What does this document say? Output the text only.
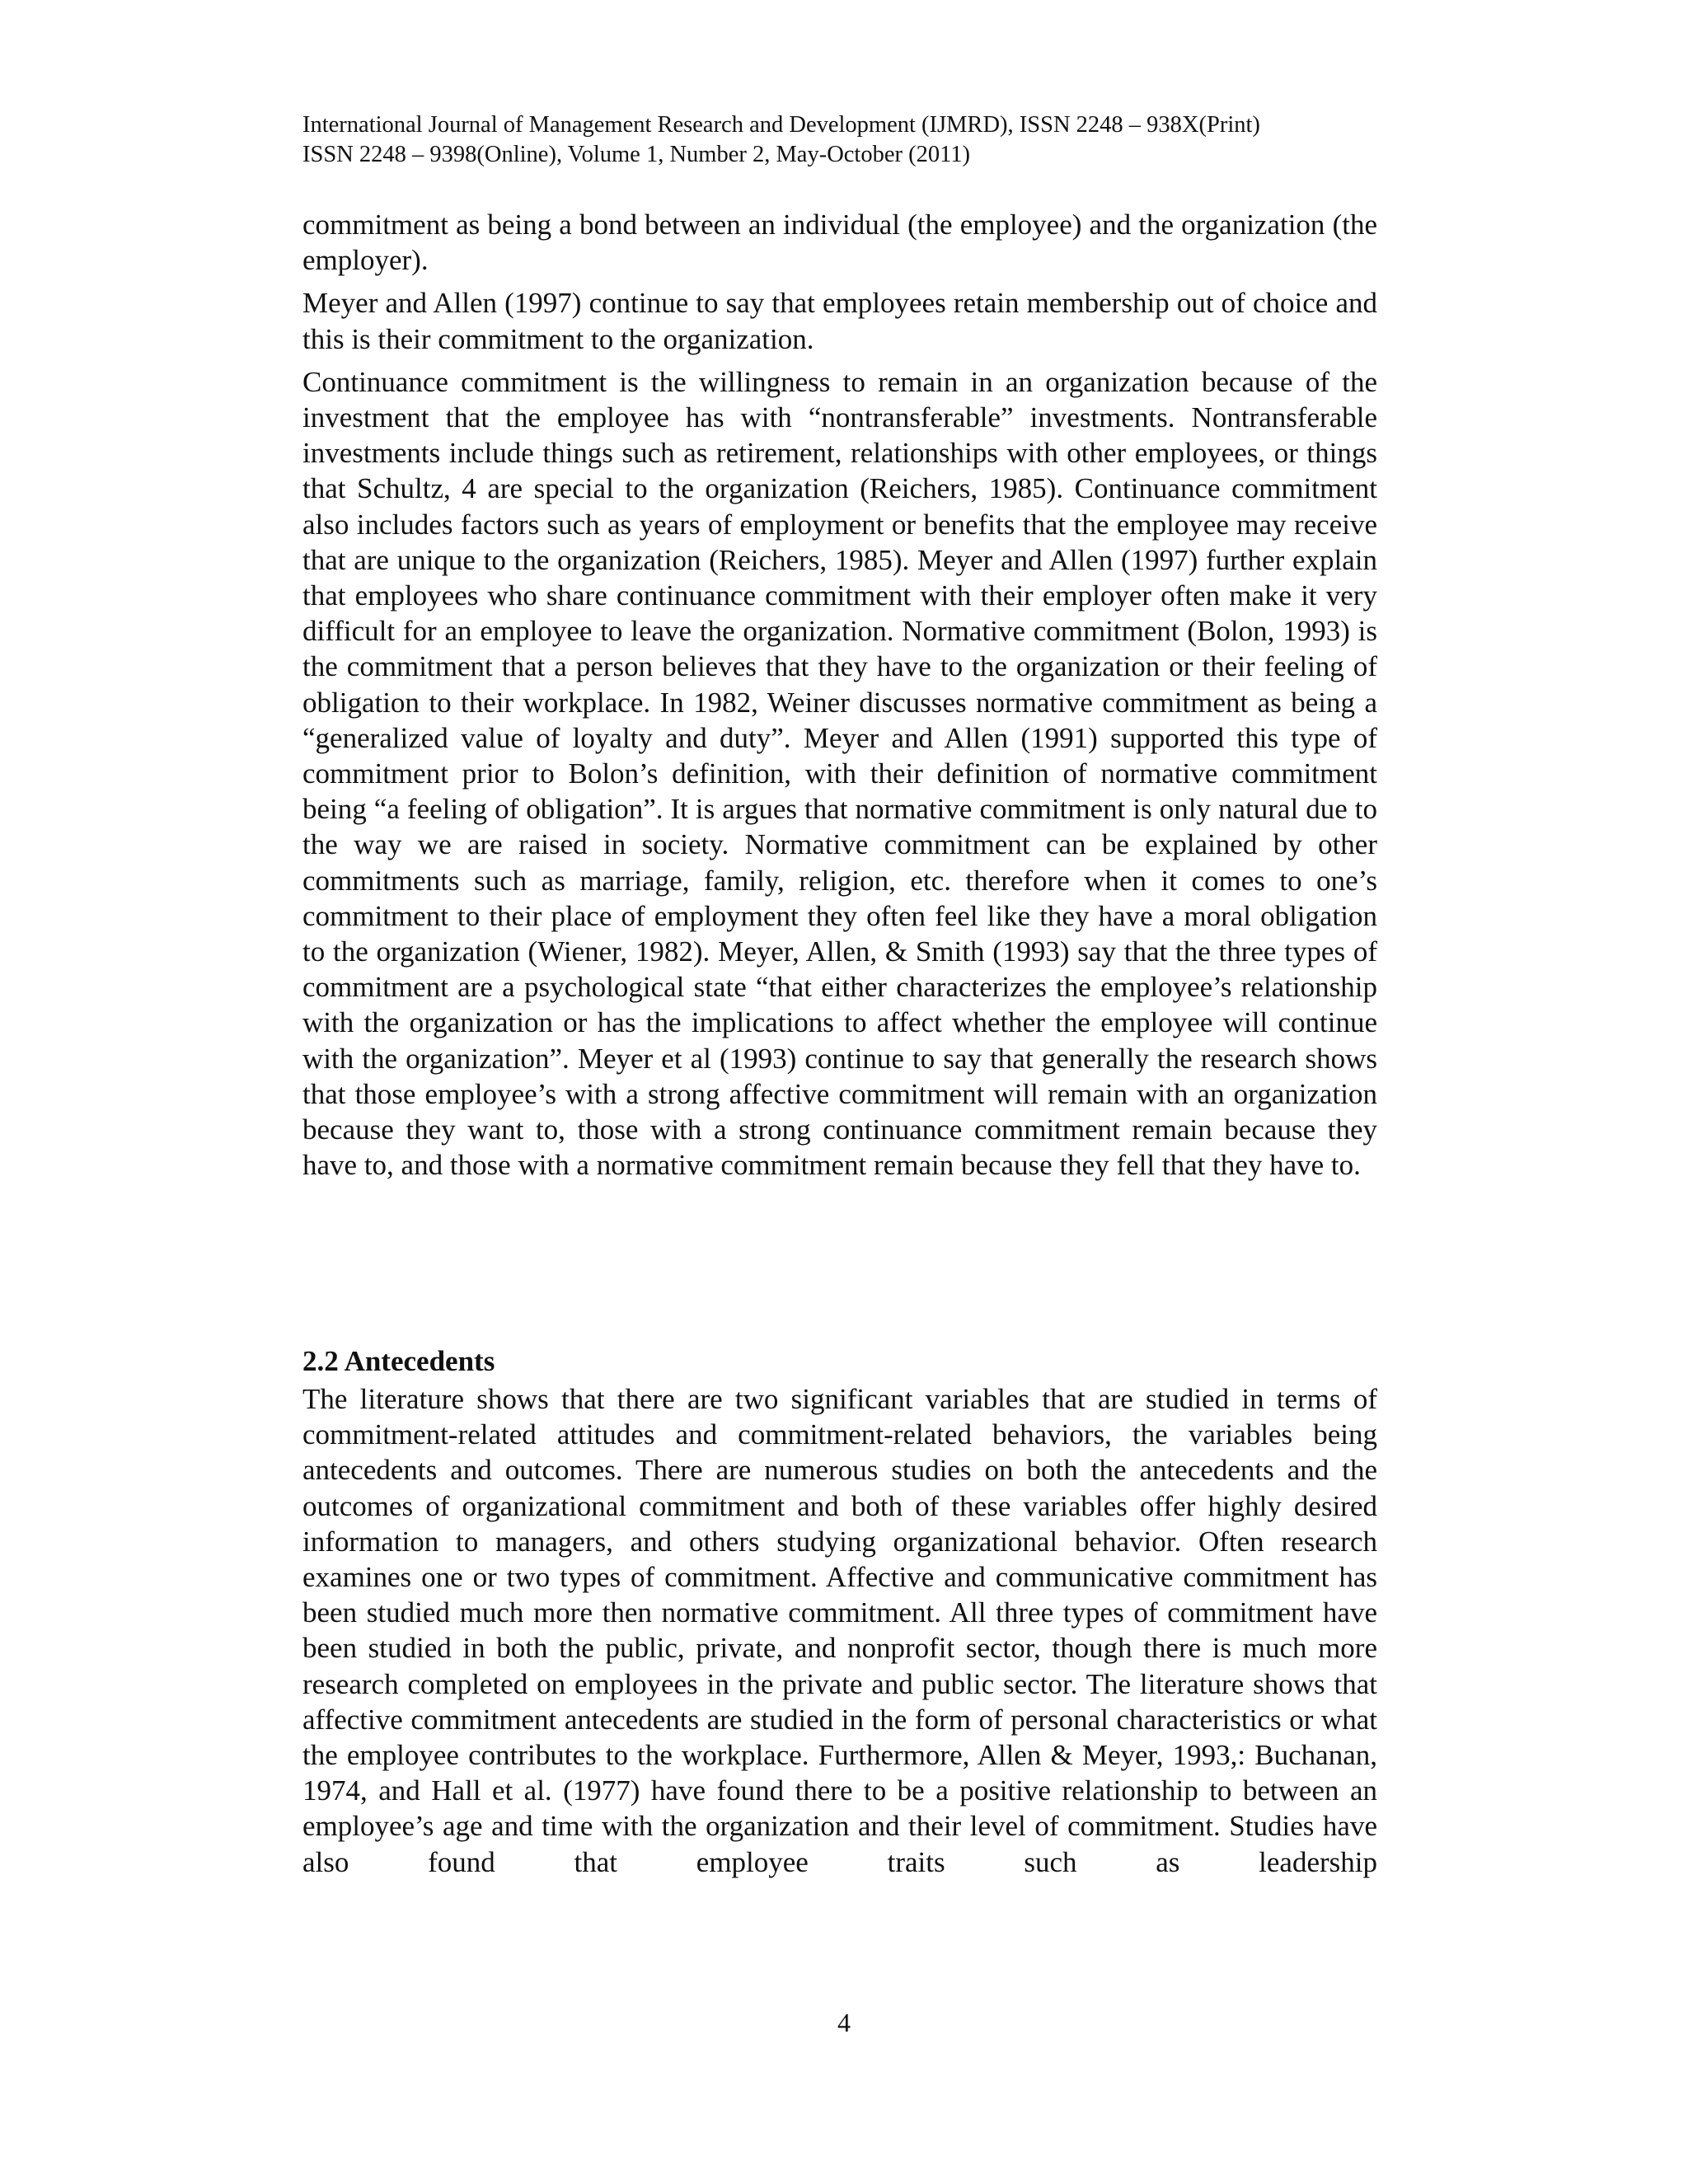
International Journal of Management Research and Development (IJMRD), ISSN 2248 – 938X(Print)
ISSN 2248 – 9398(Online), Volume 1, Number 2, May-October (2011)

commitment as being a bond between an individual (the employee) and the organization (the employer).

Meyer and Allen (1997) continue to say that employees retain membership out of choice and this is their commitment to the organization.

Continuance commitment is the willingness to remain in an organization because of the investment that the employee has with “nontransferable” investments. Nontransferable investments include things such as retirement, relationships with other employees, or things that Schultz, 4 are special to the organization (Reichers, 1985). Continuance commitment also includes factors such as years of employment or benefits that the employee may receive that are unique to the organization (Reichers, 1985). Meyer and Allen (1997) further explain that employees who share continuance commitment with their employer often make it very difficult for an employee to leave the organization. Normative commitment (Bolon, 1993) is the commitment that a person believes that they have to the organization or their feeling of obligation to their workplace. In 1982, Weiner discusses normative commitment as being a “generalized value of loyalty and duty”. Meyer and Allen (1991) supported this type of commitment prior to Bolon’s definition, with their definition of normative commitment being “a feeling of obligation”. It is argues that normative commitment is only natural due to the way we are raised in society. Normative commitment can be explained by other commitments such as marriage, family, religion, etc. therefore when it comes to one’s commitment to their place of employment they often feel like they have a moral obligation to the organization (Wiener, 1982). Meyer, Allen, & Smith (1993) say that the three types of commitment are a psychological state “that either characterizes the employee’s relationship with the organization or has the implications to affect whether the employee will continue with the organization”. Meyer et al (1993) continue to say that generally the research shows that those employee’s with a strong affective commitment will remain with an organization because they want to, those with a strong continuance commitment remain because they have to, and those with a normative commitment remain because they fell that they have to.

2.2 Antecedents

The literature shows that there are two significant variables that are studied in terms of commitment-related attitudes and commitment-related behaviors, the variables being antecedents and outcomes. There are numerous studies on both the antecedents and the outcomes of organizational commitment and both of these variables offer highly desired information to managers, and others studying organizational behavior. Often research examines one or two types of commitment. Affective and communicative commitment has been studied much more then normative commitment. All three types of commitment have been studied in both the public, private, and nonprofit sector, though there is much more research completed on employees in the private and public sector. The literature shows that affective commitment antecedents are studied in the form of personal characteristics or what the employee contributes to the workplace. Furthermore, Allen & Meyer, 1993,: Buchanan, 1974, and Hall et al. (1977) have found there to be a positive relationship to between an employee’s age and time with the organization and their level of commitment. Studies have also found that employee traits such as leadership

4
